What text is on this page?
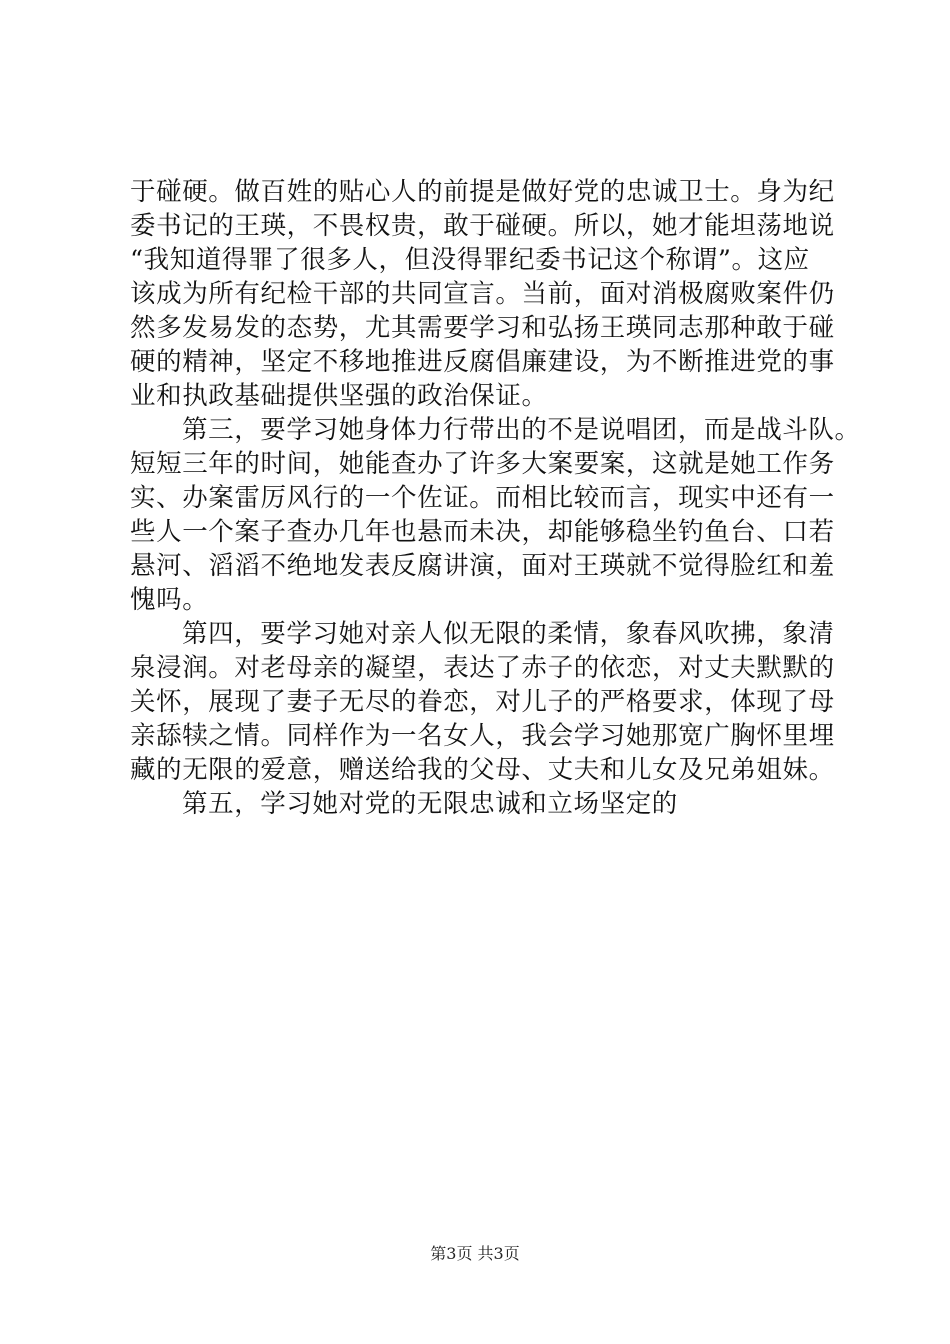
于碰硬。做百姓的贴心人的前提是做好党的忠诚卫士。身为纪
委书记的王瑛，不畏权贵，敢于碰硬。所以，她才能坦荡地说
“我知道得罪了很多人，但没得罪纪委书记这个称谓”。这应
该成为所有纪检干部的共同宣言。当前，面对消极腐败案件仍
然多发易发的态势，尤其需要学习和弘扬王瑛同志那种敢于碰
硬的精神，坚定不移地推进反腐倡廉建设，为不断推进党的事
业和执政基础提供坚强的政治保证。
第三，要学习她身体力行带出的不是说唱团，而是战斗队。
短短三年的时间，她能查办了许多大案要案，这就是她工作务
实、办案雷厉风行的一个佐证。而相比较而言，现实中还有一
些人一个案子查办几年也悬而未决，却能够稳坐钓鱼台、口若
悬河、滔滔不绝地发表反腐讲演，面对王瑛就不觉得脸红和羞
愧吗。
第四，要学习她对亲人似无限的柔情，象春风吹拂，象清
泉浸润。对老母亲的凝望，表达了赤子的依恋，对丈夫默默的
关怀，展现了妻子无尽的眷恋，对儿子的严格要求，体现了母
亲舔犊之情。同样作为一名女人，我会学习她那宽广胸怀里埋
藏的无限的爱意，赠送给我的父母、丈夫和儿女及兄弟姐妹。
第五，学习她对党的无限忠诚和立场坚定的
第3页 共3页
